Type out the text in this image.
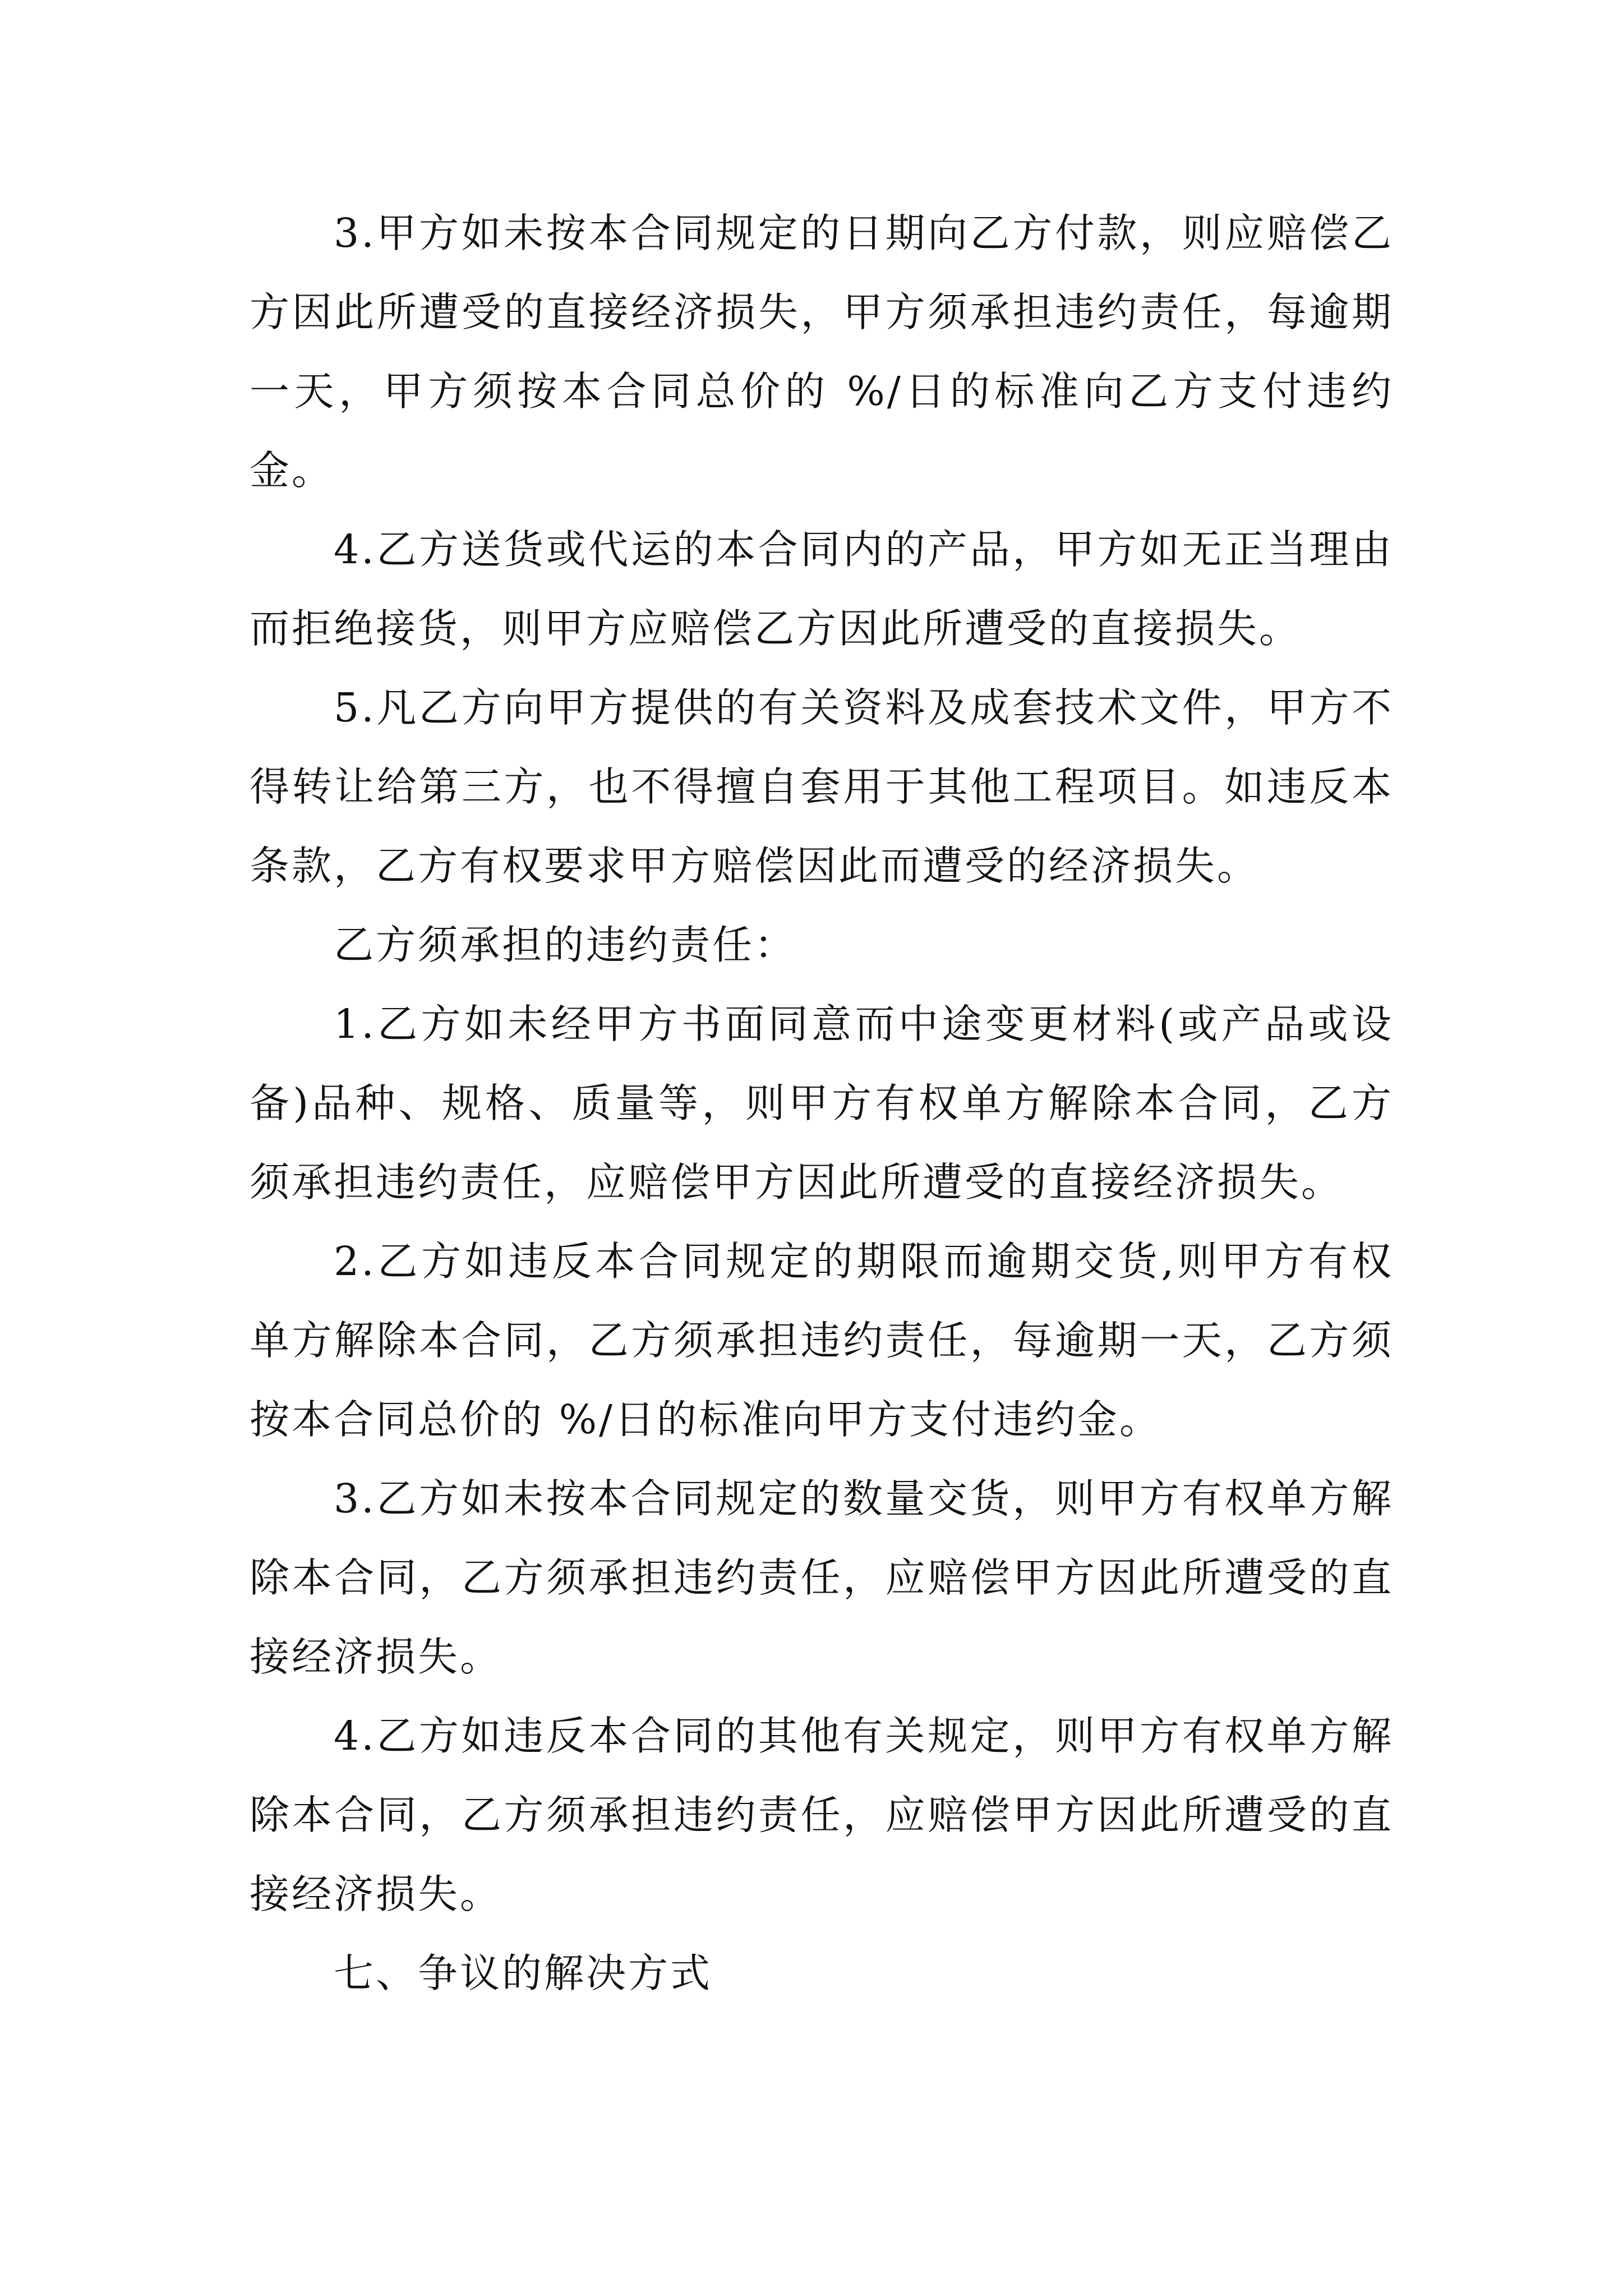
3.甲方如未按本合同规定的日期向乙方付款，则应赔偿乙方因此所遭受的直接经济损失，甲方须承担违约责任，每逾期一天，甲方须按本合同总价的 %/日的标准向乙方支付违约金。

4.乙方送货或代运的本合同内的产品，甲方如无正当理由而拒绝接货，则甲方应赔偿乙方因此所遭受的直接损失。

5.凡乙方向甲方提供的有关资料及成套技术文件，甲方不得转让给第三方，也不得擅自套用于其他工程项目。如违反本条款，乙方有权要求甲方赔偿因此而遭受的经济损失。

乙方须承担的违约责任：

1.乙方如未经甲方书面同意而中途变更材料(或产品或设备)品种、规格、质量等，则甲方有权单方解除本合同，乙方须承担违约责任，应赔偿甲方因此所遭受的直接经济损失。

2.乙方如违反本合同规定的期限而逾期交货,则甲方有权单方解除本合同，乙方须承担违约责任，每逾期一天，乙方须按本合同总价的 %/日的标准向甲方支付违约金。

3.乙方如未按本合同规定的数量交货，则甲方有权单方解除本合同，乙方须承担违约责任，应赔偿甲方因此所遭受的直接经济损失。

4.乙方如违反本合同的其他有关规定，则甲方有权单方解除本合同，乙方须承担违约责任，应赔偿甲方因此所遭受的直接经济损失。

七、争议的解决方式
